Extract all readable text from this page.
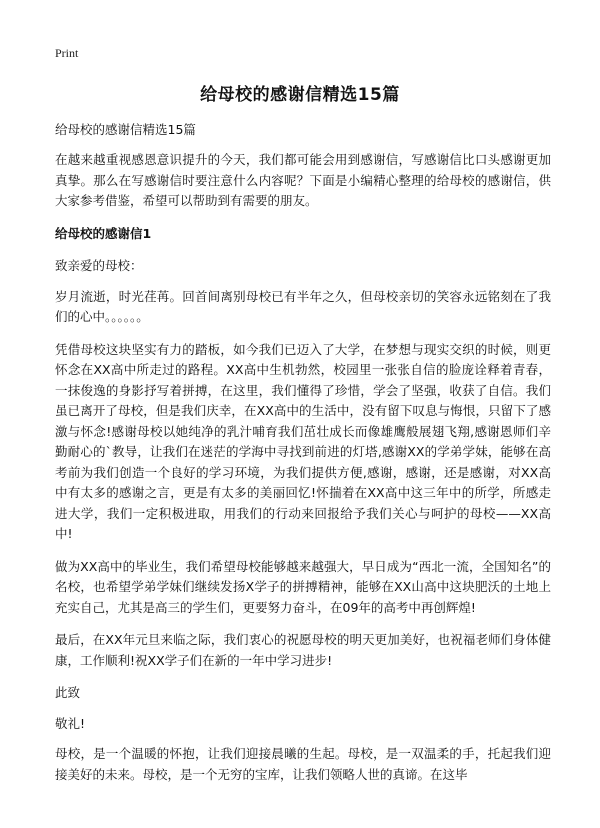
Print
给母校的感谢信精选15篇
给母校的感谢信精选15篇

在越来越重视感恩意识提升的今天，我们都可能会用到感谢信，写感谢信比口头感谢更加真挚。那么在写感谢信时要注意什么内容呢？下面是小编精心整理的给母校的感谢信，供大家参考借鉴，希望可以帮助到有需要的朋友。

给母校的感谢信1

致亲爱的母校：

岁月流逝，时光荏苒。回首间离别母校已有半年之久，但母校亲切的笑容永远铭刻在了我们的心中。。。。。。

凭借母校这块坚实有力的踏板，如今我们已迈入了大学，在梦想与现实交织的时候，则更怀念在XX高中所走过的路程。XX高中生机勃然，校园里一张张自信的脸庞诠释着青春，一抹俊逸的身影抒写着拼搏，在这里，我们懂得了珍惜，学会了坚强，收获了自信。我们虽已离开了母校，但是我们庆幸，在XX高中的生活中，没有留下叹息与悔恨，只留下了感激与怀念!感谢母校以她纯净的乳汁哺育我们茁壮成长而像雄鹰般展翅飞翔,感谢恩师们辛勤耐心的`教导，让我们在迷茫的学海中寻找到前进的灯塔,感谢XX的学弟学妹，能够在高考前为我们创造一个良好的学习环境，为我们提供方便,感谢，感谢，还是感谢，对XX高中有太多的感谢之言，更是有太多的美丽回忆!怀揣着在XX高中这三年中的所学，所感走进大学，我们一定积极进取，用我们的行动来回报给予我们关心与呵护的母校——XX高中!

做为XX高中的毕业生，我们希望母校能够越来越强大，早日成为“西北一流，全国知名”的名校，也希望学弟学妹们继续发扬X学子的拼搏精神，能够在XX山高中这块肥沃的土地上充实自己，尤其是高三的学生们，更要努力奋斗，在09年的高考中再创辉煌!

最后，在XX年元旦来临之际，我们衷心的祝愿母校的明天更加美好，也祝福老师们身体健康，工作顺利!祝XX学子们在新的一年中学习进步!

此致

敬礼!

母校，是一个温暖的怀抱，让我们迎接晨曦的生起。母校，是一双温柔的手，托起我们迎接美好的未来。母校，是一个无穷的宝库，让我们领略人世的真谛。在这毕
